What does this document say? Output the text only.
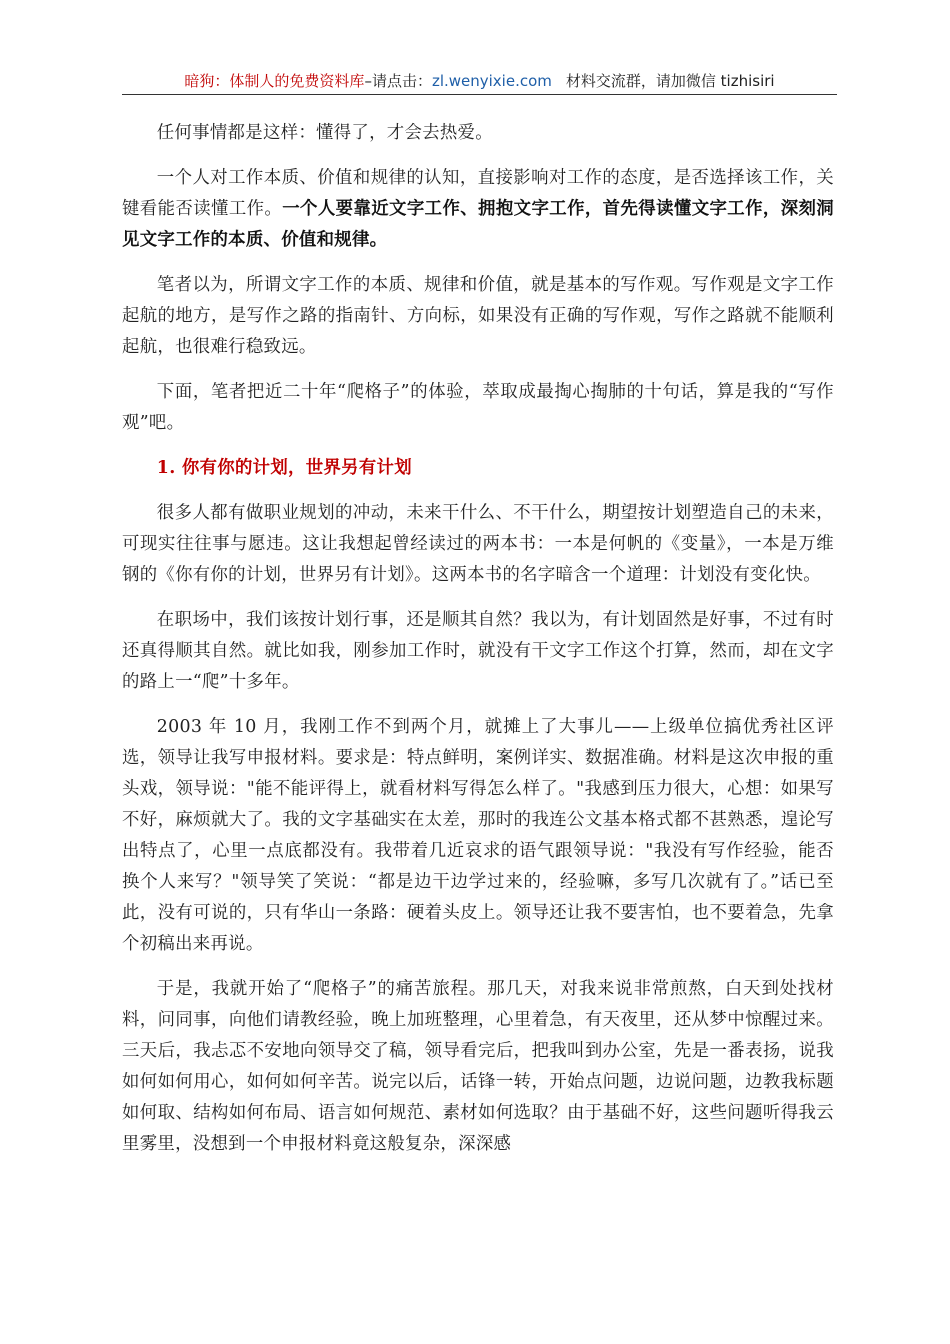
暗狗：体制人的免费资料库–请点击：zl.wenyixie.com 材料交流群，请加微信 tizhisiri

任何事情都是这样：懂得了，才会去热爱。

一个人对工作本质、价值和规律的认知，直接影响对工作的态度，是否选择该工作，关键看能否读懂工作。一个人要靠近文字工作、拥抱文字工作，首先得读懂文字工作，深刻洞见文字工作的本质、价值和规律。

笔者以为，所谓文字工作的本质、规律和价值，就是基本的写作观。写作观是文字工作起航的地方，是写作之路的指南针、方向标，如果没有正确的写作观，写作之路就不能顺利起航，也很难行稳致远。

下面，笔者把近二十年“爬格子”的体验，萃取成最掏心掏肺的十句话，算是我的“写作观”吧。

1. 你有你的计划，世界另有计划

很多人都有做职业规划的冲动，未来干什么、不干什么，期望按计划塑造自己的未来，可现实往往事与愿违。这让我想起曾经读过的两本书：一本是何帆的《变量》，一本是万维钢的《你有你的计划，世界另有计划》。这两本书的名字暗含一个道理：计划没有变化快。

在职场中，我们该按计划行事，还是顺其自然？我以为，有计划固然是好事，不过有时还真得顺其自然。就比如我，刚参加工作时，就没有干文字工作这个打算，然而，却在文字的路上一“爬”十多年。

2003 年 10 月，我刚工作不到两个月，就摊上了大事儿——上级单位搞优秀社区评选，领导让我写申报材料。要求是：特点鲜明，案例详实、数据准确。材料是这次申报的重头戏，领导说："能不能评得上，就看材料写得怎么样了。"我感到压力很大，心想：如果写不好，麻烦就大了。我的文字基础实在太差，那时的我连公文基本格式都不甚熟悉，遑论写出特点了，心里一点底都没有。我带着几近哀求的语气跟领导说："我没有写作经验，能否换个人来写？"领导笑了笑说：“都是边干边学过来的，经验嘛，多写几次就有了。”话已至此，没有可说的，只有华山一条路：硬着头皮上。领导还让我不要害怕，也不要着急，先拿个初稿出来再说。

于是，我就开始了“爬格子”的痛苦旅程。那几天，对我来说非常煎熬，白天到处找材料，问同事，向他们请教经验，晚上加班整理，心里着急，有天夜里，还从梦中惊醒过来。三天后，我忐忑不安地向领导交了稿，领导看完后，把我叫到办公室，先是一番表扬，说我如何如何用心，如何如何辛苦。说完以后，话锋一转，开始点问题，边说问题，边教我标题如何取、结构如何布局、语言如何规范、素材如何选取？由于基础不好，这些问题听得我云里雾里，没想到一个申报材料竟这般复杂，深深感
